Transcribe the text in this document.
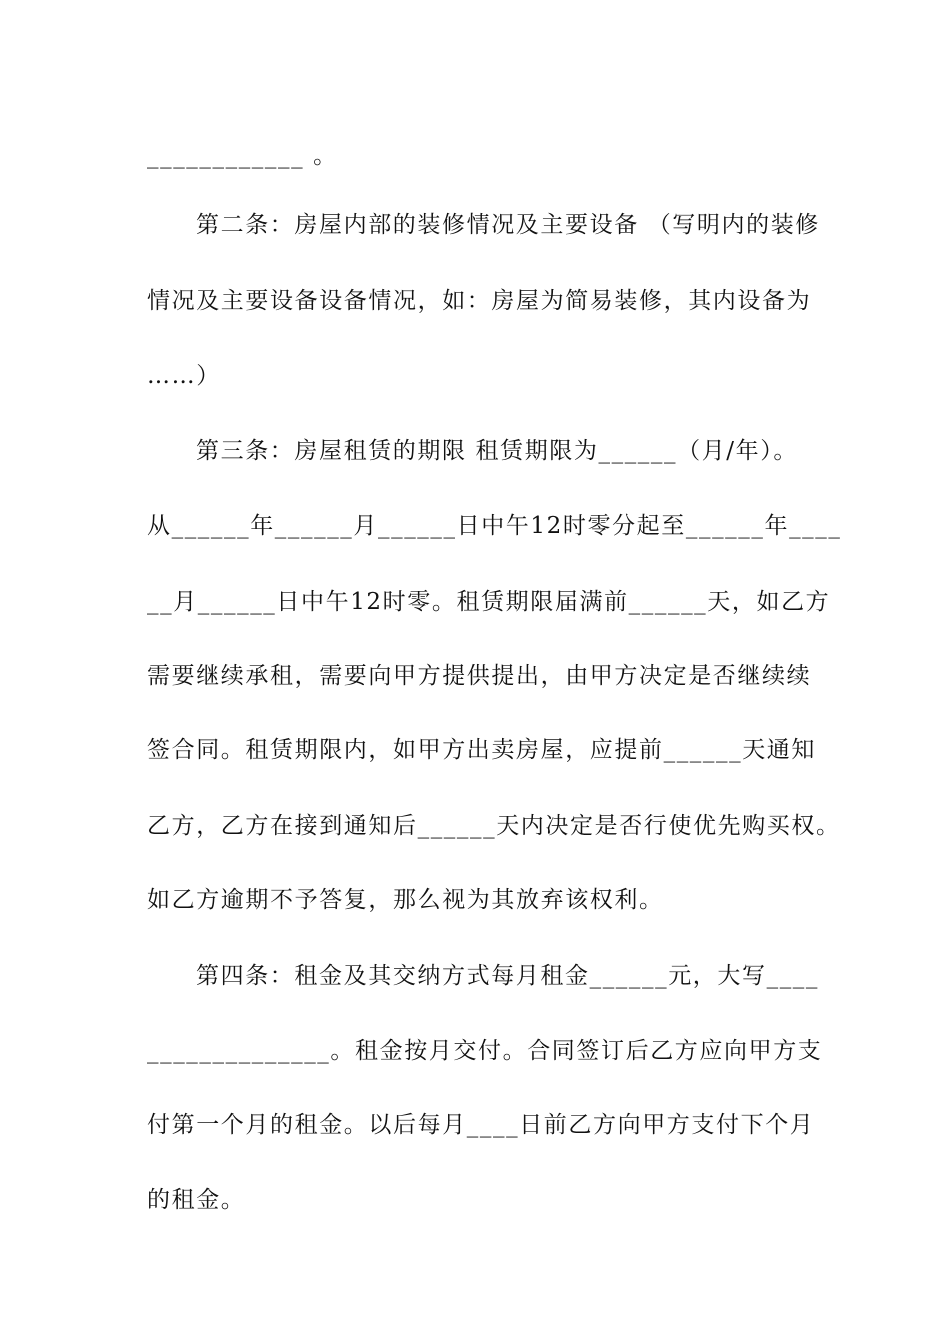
____________ 。
第二条：房屋内部的装修情况及主要设备 （写明内的装修
情况及主要设备设备情况，如：房屋为简易装修，其内设备为
……）
第三条：房屋租赁的期限 租赁期限为______（月/年）。
从______年______月______日中午12时零分起至______年____
__月______日中午12时零。租赁期限届满前______天，如乙方
需要继续承租，需要向甲方提供提出，由甲方决定是否继续续
签合同。租赁期限内，如甲方出卖房屋，应提前______天通知
乙方，乙方在接到通知后______天内决定是否行使优先购买权。
如乙方逾期不予答复，那么视为其放弃该权利。
第四条：租金及其交纳方式每月租金______元，大写____
______________。租金按月交付。合同签订后乙方应向甲方支
付第一个月的租金。以后每月____日前乙方向甲方支付下个月
的租金。
